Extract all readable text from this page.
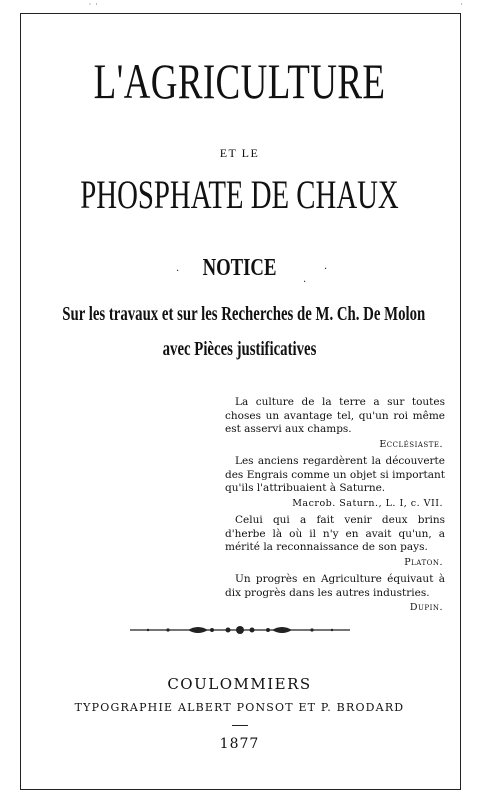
˙ ˙                                                                                                                                              ˙
L'AGRICULTURE
ET LE
PHOSPHATE DE CHAUX
NOTICE
·	·
·
Sur les travaux et sur les Recherches de M. Ch. De Molon
avec Pièces justificatives

La culture de la terre a sur toutes choses un avantage tel, qu'un roi même est asservi aux champs.

Ecclésiaste.

Les anciens regardèrent la découverte des Engrais comme un objet si important qu'ils l'attribuaient à Saturne.

Macrob. Saturn., L. I, c. VII.

Celui qui a fait venir deux brins d'herbe là où il n'y en avait qu'un, a mérité la reconnaissance de son pays.

Platon.

Un progrès en Agriculture équivaut à dix progrès dans les autres industries.

Dupin.
COULOMMIERS
TYPOGRAPHIE ALBERT PONSOT ET P. BRODARD
1877
